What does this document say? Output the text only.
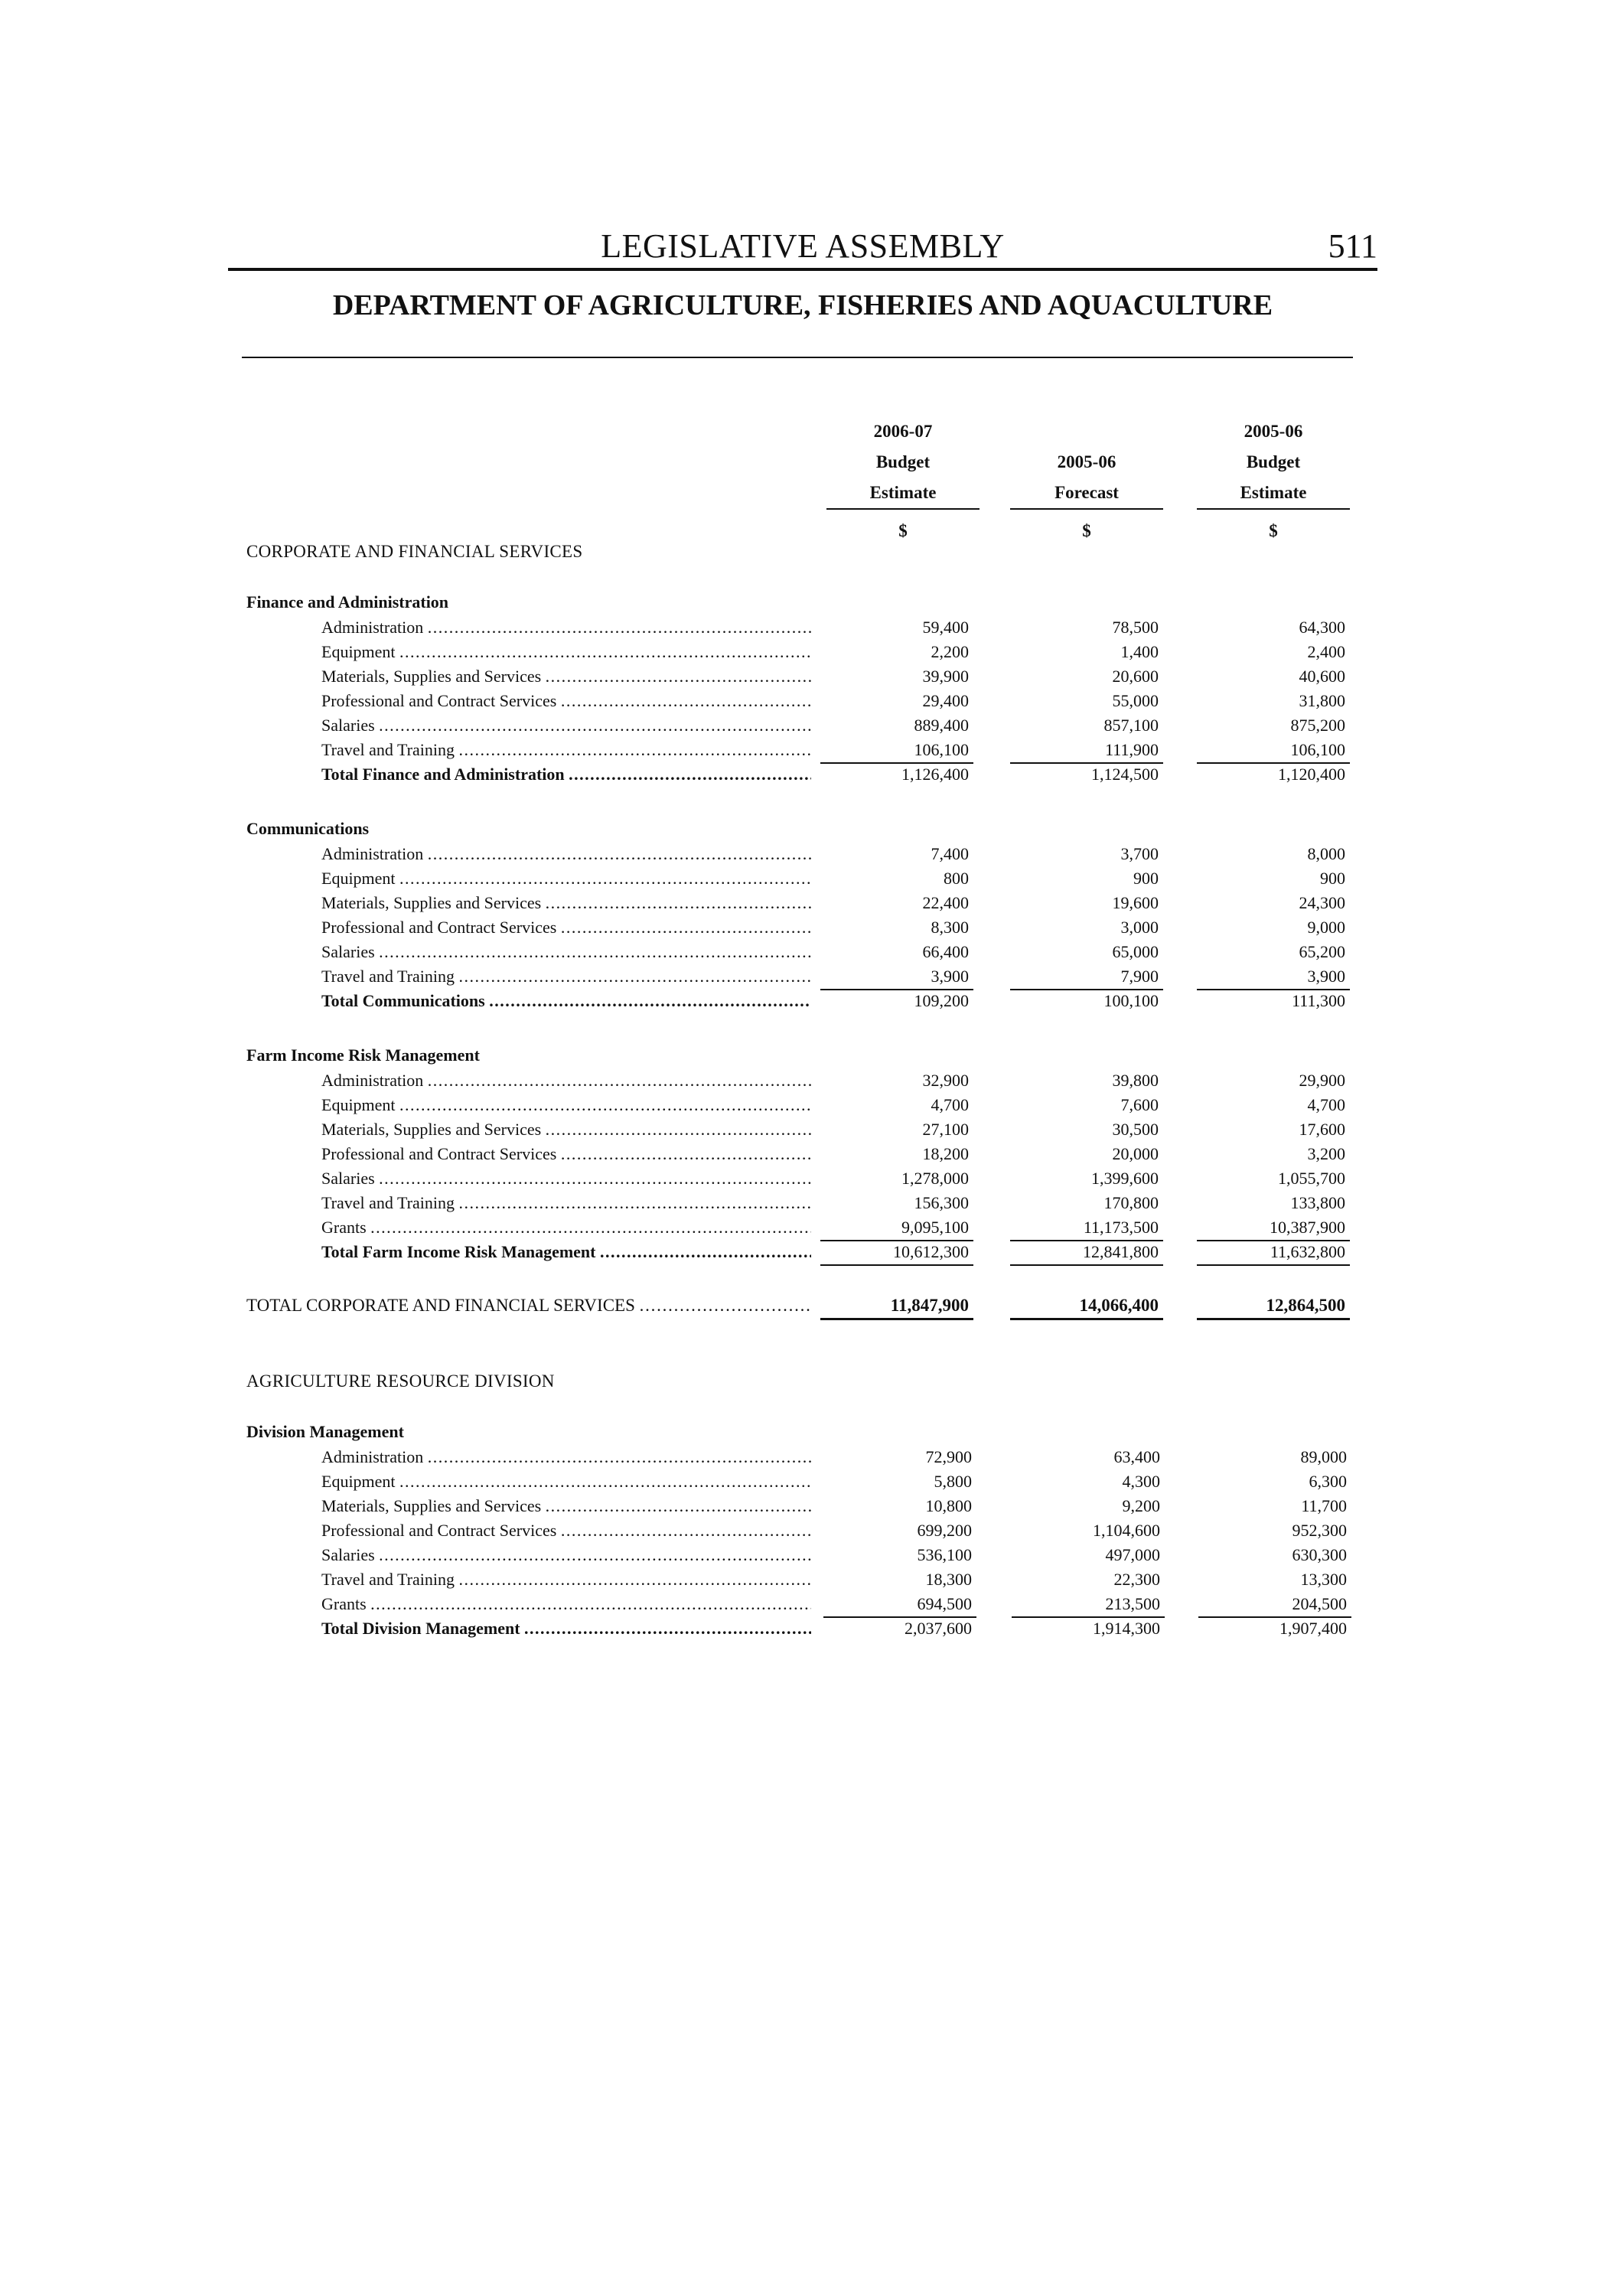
LEGISLATIVE ASSEMBLY	511
DEPARTMENT OF AGRICULTURE, FISHERIES AND AQUACULTURE
2006-07
Budget
Estimate
$
2005-06
Forecast
$
2005-06
Budget
Estimate
$
CORPORATE AND FINANCIAL SERVICES
Finance and Administration
Administration . . .	59,400	78,500	64,300
Equipment . . .	2,200	1,400	2,400
Materials, Supplies and Services . . .	39,900	20,600	40,600
Professional and Contract Services . . .	29,400	55,000	31,800
Salaries . . .	889,400	857,100	875,200
Travel and Training . . .	106,100	111,900	106,100
Total Finance and Administration . . .	1,126,400	1,124,500	1,120,400
Communications
Administration . . .	7,400	3,700	8,000
Equipment . . .	800	900	900
Materials, Supplies and Services . . .	22,400	19,600	24,300
Professional and Contract Services . . .	8,300	3,000	9,000
Salaries . . .	66,400	65,000	65,200
Travel and Training . . .	3,900	7,900	3,900
Total Communications . . .	109,200	100,100	111,300
Farm Income Risk Management
Administration . . .	32,900	39,800	29,900
Equipment . . .	4,700	7,600	4,700
Materials, Supplies and Services . . .	27,100	30,500	17,600
Professional and Contract Services . . .	18,200	20,000	3,200
Salaries . . .	1,278,000	1,399,600	1,055,700
Travel and Training . . .	156,300	170,800	133,800
Grants . . .	9,095,100	11,173,500	10,387,900
Total Farm Income Risk Management . . .	10,612,300	12,841,800	11,632,800
TOTAL CORPORATE AND FINANCIAL SERVICES . . .	11,847,900	14,066,400	12,864,500
AGRICULTURE RESOURCE DIVISION
Division Management
Administration . . .	72,900	63,400	89,000
Equipment . . .	5,800	4,300	6,300
Materials, Supplies and Services . . .	10,800	9,200	11,700
Professional and Contract Services . . .	699,200	1,104,600	952,300
Salaries . . .	536,100	497,000	630,300
Travel and Training . . .	18,300	22,300	13,300
Grants . . .	694,500	213,500	204,500
Total Division Management . . .	2,037,600	1,914,300	1,907,400
